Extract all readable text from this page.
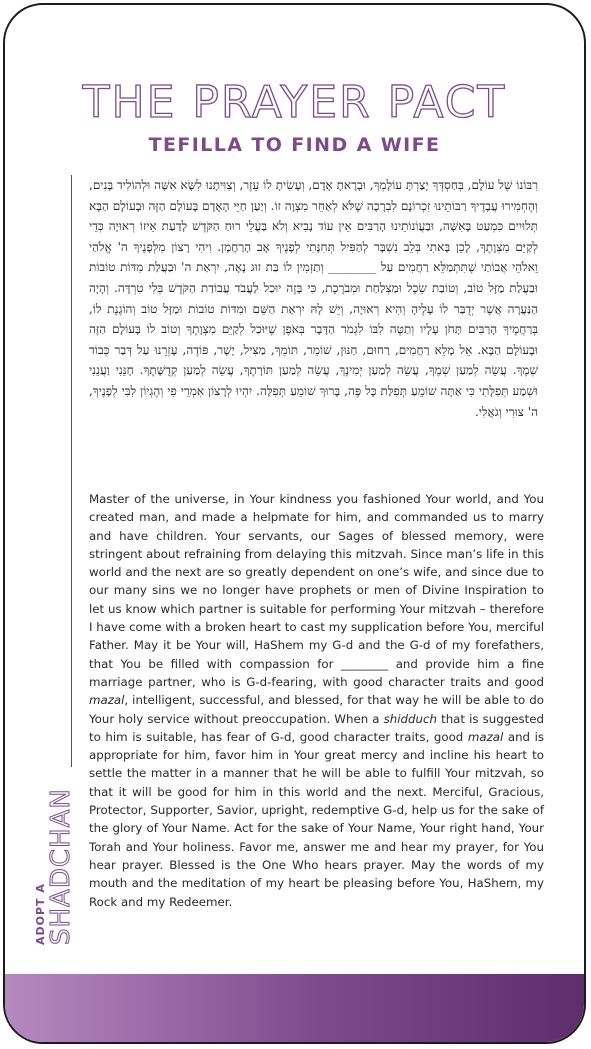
THE PRAYER PACT
TEFILLA TO FIND A WIFE

רִבּוֹנוֹ שֶׁל עוֹלָם, בְּחַסְדְּךָ יָצַרְתָּ עוֹלָמְךָ, וּבָרָאתָ אָדָם, וְעָשִׂיתָ לוֹ עֵזֶר, וְצִוִּיתָנוּ לִשָּׂא אִשָּׁה וּלְהוֹלִיד בָּנִים, וְהֶחְמִירוּ עֲבָדֶיךָ רַבּוֹתֵינוּ זִכְרוֹנָם לִבְרָכָה שֶׁלֹּא לְאַחֵר מִצְוָה זוֹ. וְיַעַן חַיֵּי הָאָדָם בָּעוֹלָם הַזֶּה וּבָעוֹלָם הַבָּא תְּלוּיִים כִּמְעַט בָּאִשָּׁה, וּבַעֲוֹנוֹתֵינוּ הָרַבִּים אֵין עוֹד נָבִיא וְלֹא בַּעֲלֵי רוּחַ הַקֹּדֶשׁ לָדַעַת אֵיזוֹ רְאוּיָה כְּדֵי לְקַיֵּם מִצְוָתֶךָ, לָכֵן בָּאתִי בְּלֵב נִשְׁבָּר לְהַפִּיל תְּחִנָּתִי לְפָנֶיךָ אָב הָרַחֲמָן. וִיהִי רָצוֹן מִלְּפָנֶיךָ ה' אֱלֹהַי וֵאלֹהֵי אֲבוֹתַי שֶׁתִּתְמַלֵּא רַחֲמִים עַל ________ וְתַזְמִין לוֹ בַּת זוּג נָאָה, יִרְאַת ה' וּבַעֲלַת מִדּוֹת טוֹבוֹת וּבַעֲלַת מַזָּל טוֹב, וְטוֹבַת שֵׂכֶל וּמַצְלַחַת וּמְבֹרֶכֶת, כִּי בָּזֶה יוּכַל לַעֲבֹד עֲבוֹדַת הַקֹּדֶשׁ בְּלִי טִרְדָּה. וְהָיָה הַנַּעֲרָה אֲשֶׁר יְדֻבַּר לוֹ עָלֶיהָ וְהִיא רְאוּיָה, וְיֵשׁ לָהּ יִרְאַת הַשֵּׁם וּמִדּוֹת טוֹבוֹת וּמַזָּל טוֹב וְהוֹגֶנֶת לוֹ, בְּרַחֲמֶיךָ הָרַבִּים תָּחֹן עָלָיו וְתַטֶּה לִבּוֹ לִגְמֹר הַדָּבָר בְּאֹפֶן שֶׁיּוּכַל לְקַיֵּם מִצְוָתֶךָ וְטוֹב לוֹ בָּעוֹלָם הַזֶּה וּבָעוֹלָם הַבָּא. אֵל מָלֵא רַחֲמִים, רַחוּם, חַנּוּן, שׁוֹמֵר, תּוֹמֵךְ, מַצִּיל, יָשָׁר, פּוֹדֶה, עָזְרֵנוּ עַל דְּבַר כְּבוֹד שְׁמֶךָ. עֲשֵׂה לְמַעַן שְׁמֶךָ, עֲשֵׂה לְמַעַן יְמִינֶךָ, עֲשֵׂה לְמַעַן תּוֹרָתֶךָ, עֲשֵׂה לְמַעַן קְדֻשָּׁתֶךָ. חָנֵּנִי וַעֲנֵנִי וּשְׁמַע תְּפִלָּתִי כִּי אַתָּה שׁוֹמֵעַ תְּפִלַּת כָּל פֶּה, בָּרוּךְ שׁוֹמֵעַ תְּפִלָּה. יִהְיוּ לְרָצוֹן אִמְרֵי פִי וְהֶגְיוֹן לִבִּי לְפָנֶיךָ, ה' צוּרִי וְגֹאֲלִי.

Master of the universe, in Your kindness you fashioned Your world, and You created man, and made a helpmate for him, and commanded us to marry and have children. Your servants, our Sages of blessed memory, were stringent about refraining from delaying this mitzvah. Since man’s life in this world and the next are so greatly dependent on one’s wife, and since due to our many sins we no longer have prophets or men of Divine Inspiration to let us know which partner is suitable for performing Your mitzvah – therefore I have come with a broken heart to cast my supplication before You, merciful Father. May it be Your will, HaShem my G-d and the G-d of my forefathers, that You be filled with compassion for ________ and provide him a fine marriage partner, who is G-d-fearing, with good character traits and good mazal, intelligent, successful, and blessed, for that way he will be able to do Your holy service without preoccupation. When a shidduch that is suggested to him is suitable, has fear of G-d, good character traits, good mazal and is appropriate for him, favor him in Your great mercy and incline his heart to settle the matter in a manner that he will be able to fulfill Your mitzvah, so that it will be good for him in this world and the next. Merciful, Gracious, Protector, Supporter, Savior, upright, redemptive G-d, help us for the sake of the glory of Your Name. Act for the sake of Your Name, Your right hand, Your Torah and Your holiness. Favor me, answer me and hear my prayer, for You hear prayer. Blessed is the One Who hears prayer. May the words of my mouth and the meditation of my heart be pleasing before You, HaShem, my Rock and my Redeemer.

ADOPT A SHADCHAN
